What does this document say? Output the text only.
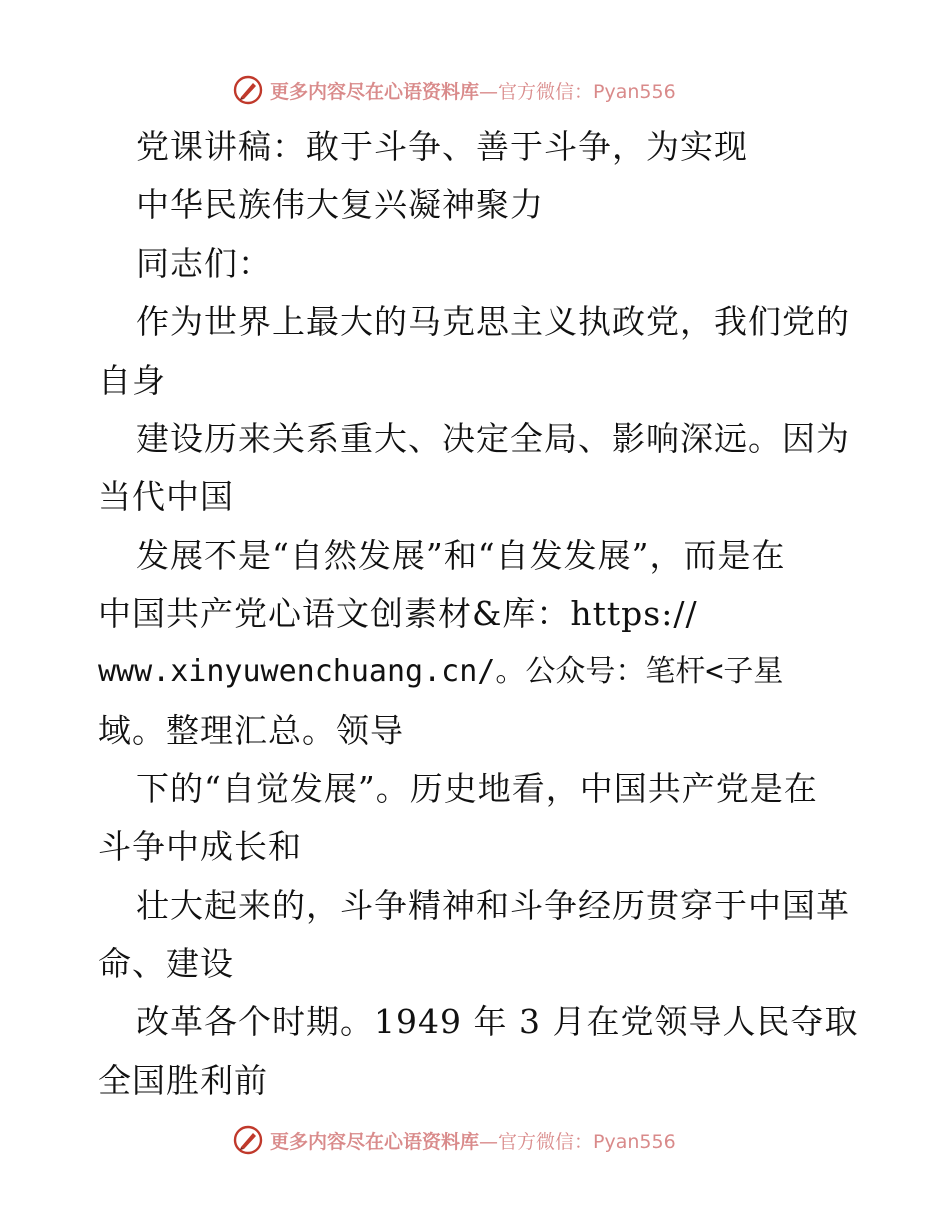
更多内容尽在心语资料库 —官方微信：Pyan556
党课讲稿：敢于斗争、善于斗争，为实现
中华民族伟大复兴凝神聚力
同志们：
作为世界上最大的马克思主义执政党，我们党的
自身
建设历来关系重大、决定全局、影响深远。因为
当代中国
发展不是“自然发展”和“自发发展”，而是在
中国共产党心语文创素材&库：https://
www.xinyuwenchuang.cn/。公众号：笔杆<子星
域。整理汇总。领导
下的“自觉发展”。历史地看，中国共产党是在
斗争中成长和
壮大起来的，斗争精神和斗争经历贯穿于中国革
命、建设
改革各个时期。1949 年 3 月在党领导人民夺取
全国胜利前
更多内容尽在心语资料库 —官方微信：Pyan556
